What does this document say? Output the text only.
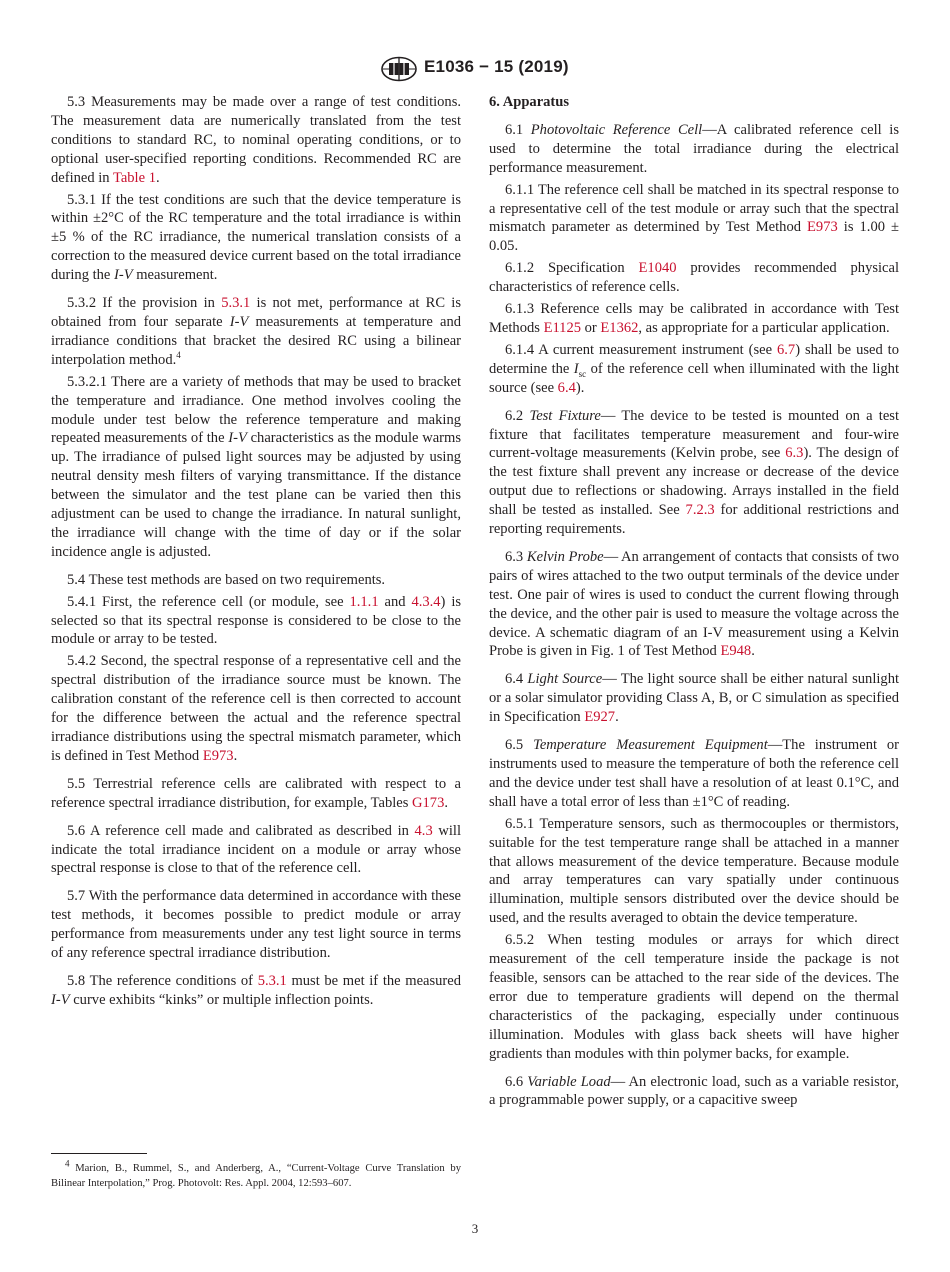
E1036 − 15 (2019)

5.3 Measurements may be made over a range of test conditions. The measurement data are numerically translated from the test conditions to standard RC, to nominal operating conditions, or to optional user-specified reporting conditions. Recommended RC are defined in Table 1.

5.3.1 If the test conditions are such that the device temperature is within ±2°C of the RC temperature and the total irradiance is within ±5 % of the RC irradiance, the numerical translation consists of a correction to the measured device current based on the total irradiance during the I-V measurement.

5.3.2 If the provision in 5.3.1 is not met, performance at RC is obtained from four separate I-V measurements at temperature and irradiance conditions that bracket the desired RC using a bilinear interpolation method.$^4$

5.3.2.1 There are a variety of methods that may be used to bracket the temperature and irradiance. One method involves cooling the module under test below the reference temperature and making repeated measurements of the I-V characteristics as the module warms up. The irradiance of pulsed light sources may be adjusted by using neutral density mesh filters of varying transmittance. If the distance between the simulator and the test plane can be varied then this adjustment can be used to change the irradiance. In natural sunlight, the irradiance will change with the time of day or if the solar incidence angle is adjusted.

5.4 These test methods are based on two requirements.

5.4.1 First, the reference cell (or module, see 1.1.1 and 4.3.4) is selected so that its spectral response is considered to be close to the module or array to be tested.

5.4.2 Second, the spectral response of a representative cell and the spectral distribution of the irradiance source must be known. The calibration constant of the reference cell is then corrected to account for the difference between the actual and the reference spectral irradiance distributions using the spectral mismatch parameter, which is defined in Test Method E973.

5.5 Terrestrial reference cells are calibrated with respect to a reference spectral irradiance distribution, for example, Tables G173.

5.6 A reference cell made and calibrated as described in 4.3 will indicate the total irradiance incident on a module or array whose spectral response is close to that of the reference cell.

5.7 With the performance data determined in accordance with these test methods, it becomes possible to predict module or array performance from measurements under any test light source in terms of any reference spectral irradiance distribution.

5.8 The reference conditions of 5.3.1 must be met if the measured I-V curve exhibits “kinks” or multiple inflection points.

6. Apparatus

6.1 Photovoltaic Reference Cell—A calibrated reference cell is used to determine the total irradiance during the electrical performance measurement.

6.1.1 The reference cell shall be matched in its spectral response to a representative cell of the test module or array such that the spectral mismatch parameter as determined by Test Method E973 is 1.00 ± 0.05.

6.1.2 Specification E1040 provides recommended physical characteristics of reference cells.

6.1.3 Reference cells may be calibrated in accordance with Test Methods E1125 or E1362, as appropriate for a particular application.

6.1.4 A current measurement instrument (see 6.7) shall be used to determine the $I_{sc}$ of the reference cell when illuminated with the light source (see 6.4).

6.2 Test Fixture— The device to be tested is mounted on a test fixture that facilitates temperature measurement and four-wire current-voltage measurements (Kelvin probe, see 6.3). The design of the test fixture shall prevent any increase or decrease of the device output due to reflections or shadowing. Arrays installed in the field shall be tested as installed. See 7.2.3 for additional restrictions and reporting requirements.

6.3 Kelvin Probe— An arrangement of contacts that consists of two pairs of wires attached to the two output terminals of the device under test. One pair of wires is used to conduct the current flowing through the device, and the other pair is used to measure the voltage across the device. A schematic diagram of an I-V measurement using a Kelvin Probe is given in Fig. 1 of Test Method E948.

6.4 Light Source— The light source shall be either natural sunlight or a solar simulator providing Class A, B, or C simulation as specified in Specification E927.

6.5 Temperature Measurement Equipment—The instrument or instruments used to measure the temperature of both the reference cell and the device under test shall have a resolution of at least 0.1°C, and shall have a total error of less than ±1°C of reading.

6.5.1 Temperature sensors, such as thermocouples or thermistors, suitable for the test temperature range shall be attached in a manner that allows measurement of the device temperature. Because module and array temperatures can vary spatially under continuous illumination, multiple sensors distributed over the device should be used, and the results averaged to obtain the device temperature.

6.5.2 When testing modules or arrays for which direct measurement of the cell temperature inside the package is not feasible, sensors can be attached to the rear side of the devices. The error due to temperature gradients will depend on the thermal characteristics of the packaging, especially under continuous illumination. Modules with glass back sheets will have higher gradients than modules with thin polymer backs, for example.

6.6 Variable Load— An electronic load, such as a variable resistor, a programmable power supply, or a capacitive sweep

$^4$ Marion, B., Rummel, S., and Anderberg, A., “Current-Voltage Curve Translation by Bilinear Interpolation,” Prog. Photovolt: Res. Appl. 2004, 12:593–607.

3
